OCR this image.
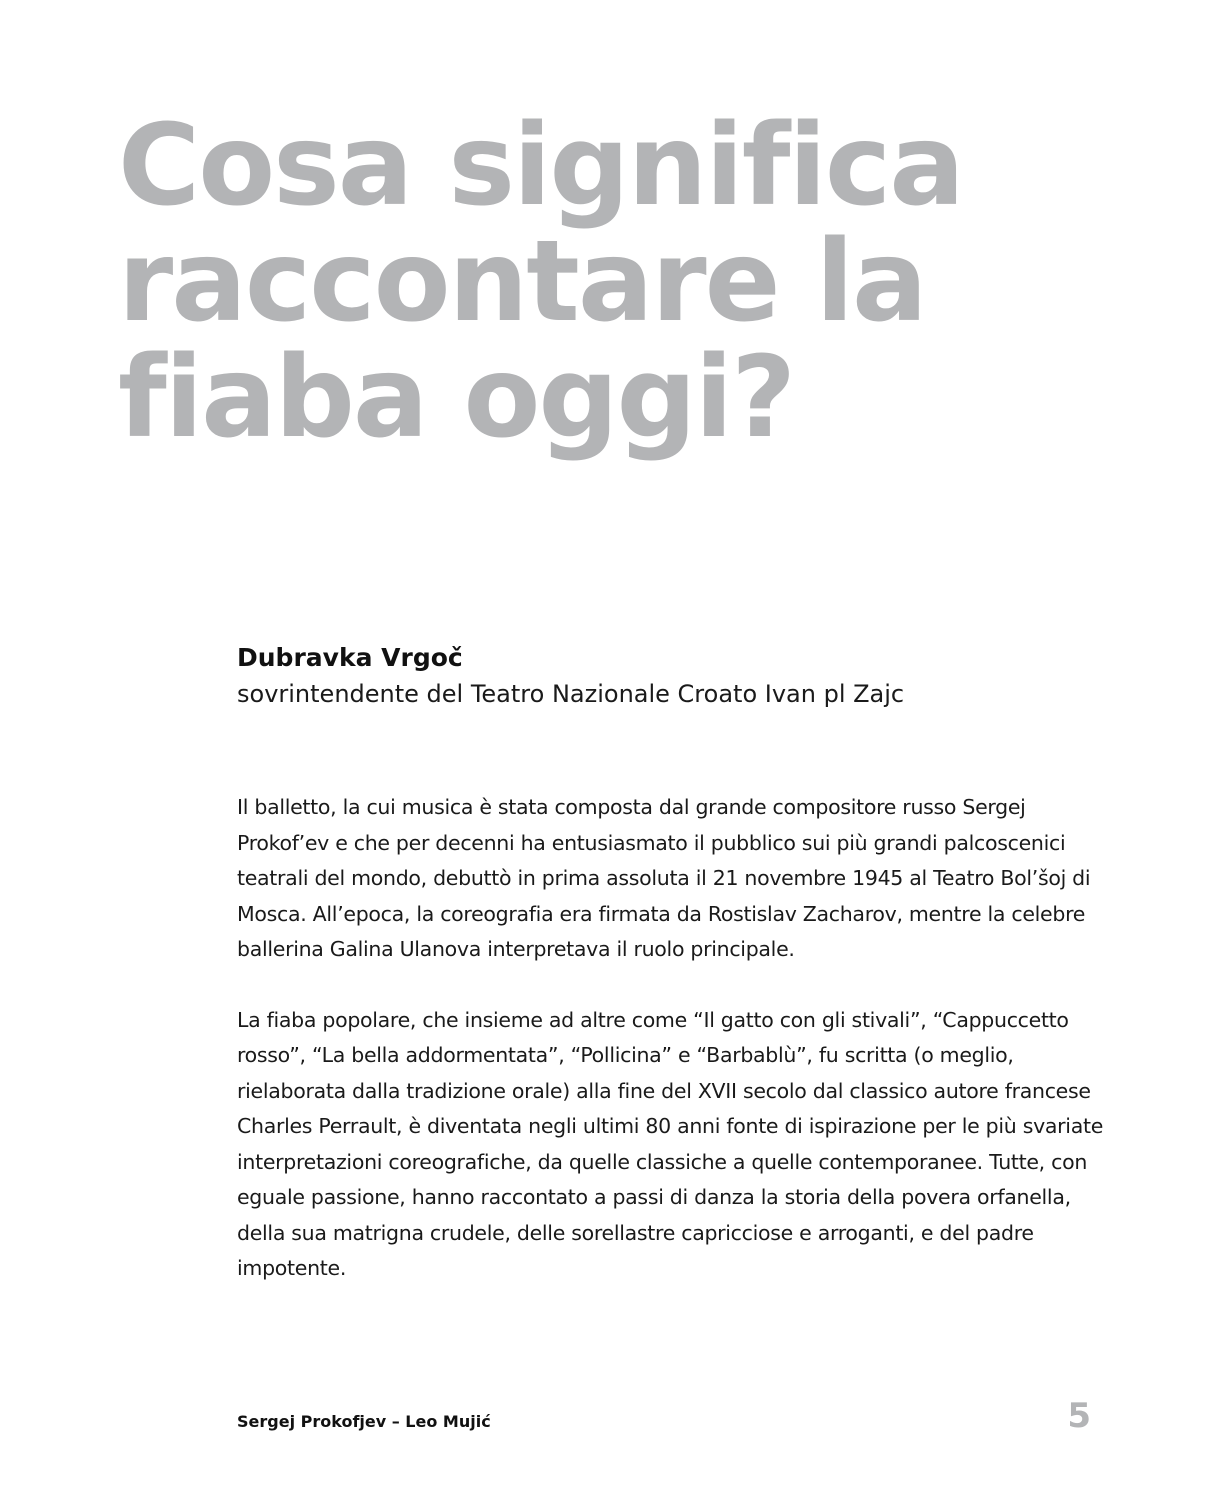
Cosa significa
raccontare la
fiaba oggi?

Dubravka Vrgoč

sovrintendente del Teatro Nazionale Croato Ivan pl Zajc

Il balletto, la cui musica è stata composta dal grande compositore russo Sergej Prokof’ev e che per decenni ha entusiasmato il pubblico sui più grandi palcoscenici teatrali del mondo, debuttò in prima assoluta il 21 novembre 1945 al Teatro Bol’šoj di Mosca. All’epoca, la coreografia era firmata da Rostislav Zacharov, mentre la celebre ballerina Galina Ulanova interpretava il ruolo principale.

La fiaba popolare, che insieme ad altre come “Il gatto con gli stivali”, “Cappuccetto rosso”, “La bella addormentata”, “Pollicina” e “Barbablù”, fu scritta (o meglio, rielaborata dalla tradizione orale) alla fine del XVII secolo dal classico autore francese Charles Perrault, è diventata negli ultimi 80 anni fonte di ispirazione per le più svariate interpretazioni coreografiche, da quelle classiche a quelle contemporanee. Tutte, con eguale passione, hanno raccontato a passi di danza la storia della povera orfanella, della sua matrigna crudele, delle sorellastre capricciose e arroganti, e del padre impotente.

Sergej Prokofjev – Leo Mujić	5
